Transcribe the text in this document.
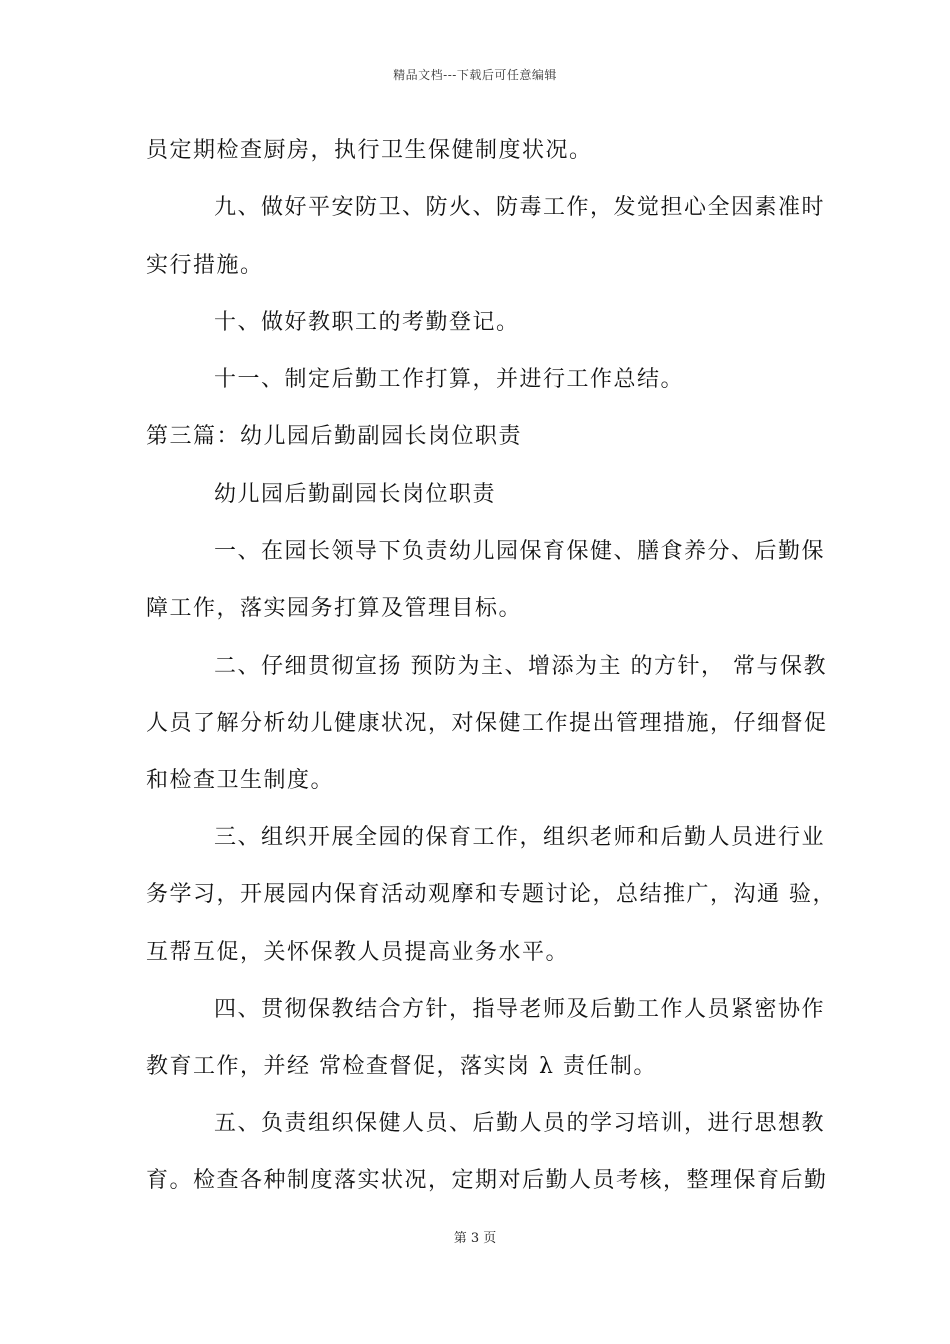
精品文档---下载后可任意编辑
员定期检查厨房，执行卫生保健制度状况。
九、做好平安防卫、防火、防毒工作，发觉担心全因素准时
实行措施。
十、做好教职工的考勤登记。
十一、制定后勤工作打算，并进行工作总结。
第三篇：幼儿园后勤副园长岗位职责
幼儿园后勤副园长岗位职责
一、在园长领导下负责幼儿园保育保健、膳食养分、后勤保
障工作，落实园务打算及管理目标。
二、仔细贯彻宣扬 预防为主、增添为主 的方针， 常与保教
人员了解分析幼儿健康状况，对保健工作提出管理措施，仔细督促
和检查卫生制度。
三、组织开展全园的保育工作，组织老师和后勤人员进行业
务学习，开展园内保育活动观摩和专题讨论，总结推广，沟通 验，
互帮互促，关怀保教人员提高业务水平。
四、贯彻保教结合方针，指导老师及后勤工作人员紧密协作
教育工作，并经 常检查督促，落实岗 λ 责任制。
五、负责组织保健人员、后勤人员的学习培训，进行思想教
育。检查各种制度落实状况，定期对后勤人员考核，整理保育后勤
第 3 页
